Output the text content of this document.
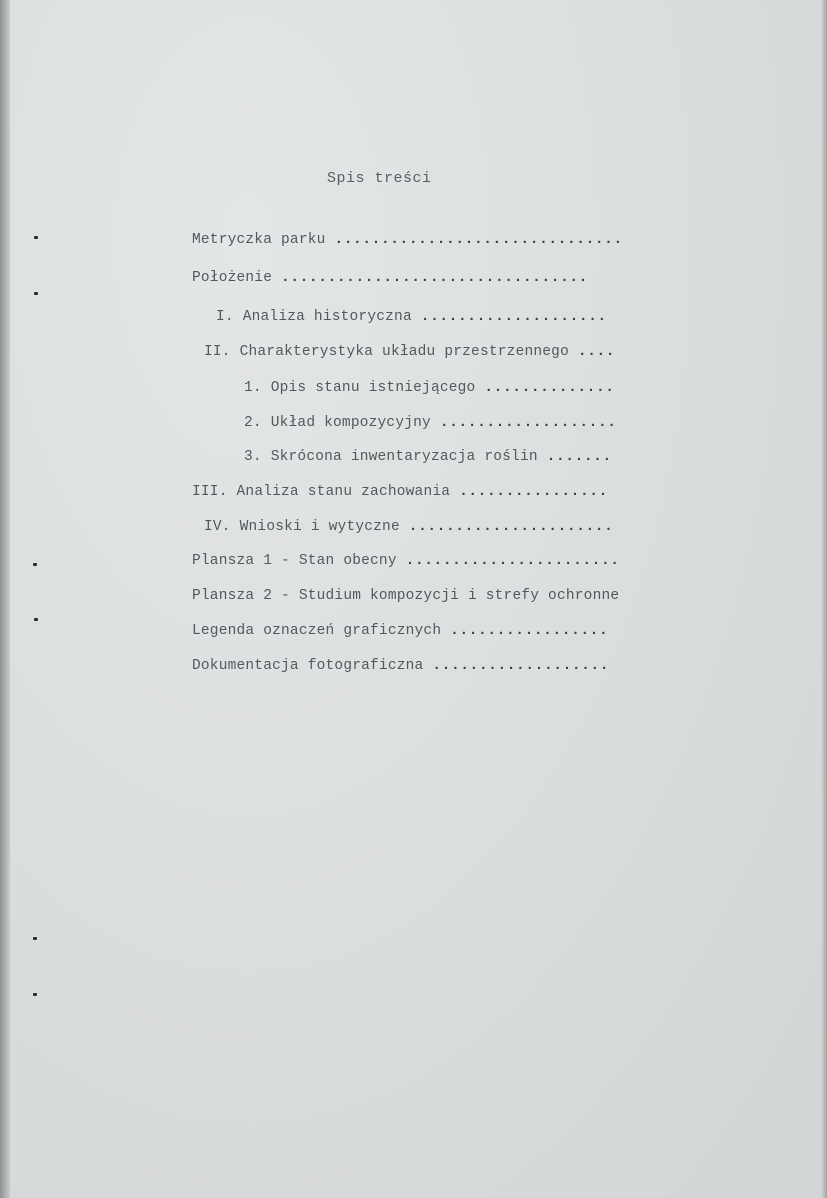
Spis treści
Metryczka parku ...............................
Położenie .................................
I. Analiza historyczna ....................
II. Charakterystyka układu przestrzennego ....
1. Opis stanu istniejącego ..............
2. Układ kompozycyjny ...................
3. Skrócona inwentaryzacja roślin .......
III. Analiza stanu zachowania ................
IV. Wnioski i wytyczne ......................
Plansza 1 - Stan obecny .......................
Plansza 2 - Studium kompozycji i strefy ochronne
Legenda oznaczeń graficznych .................
Dokumentacja fotograficzna ...................
